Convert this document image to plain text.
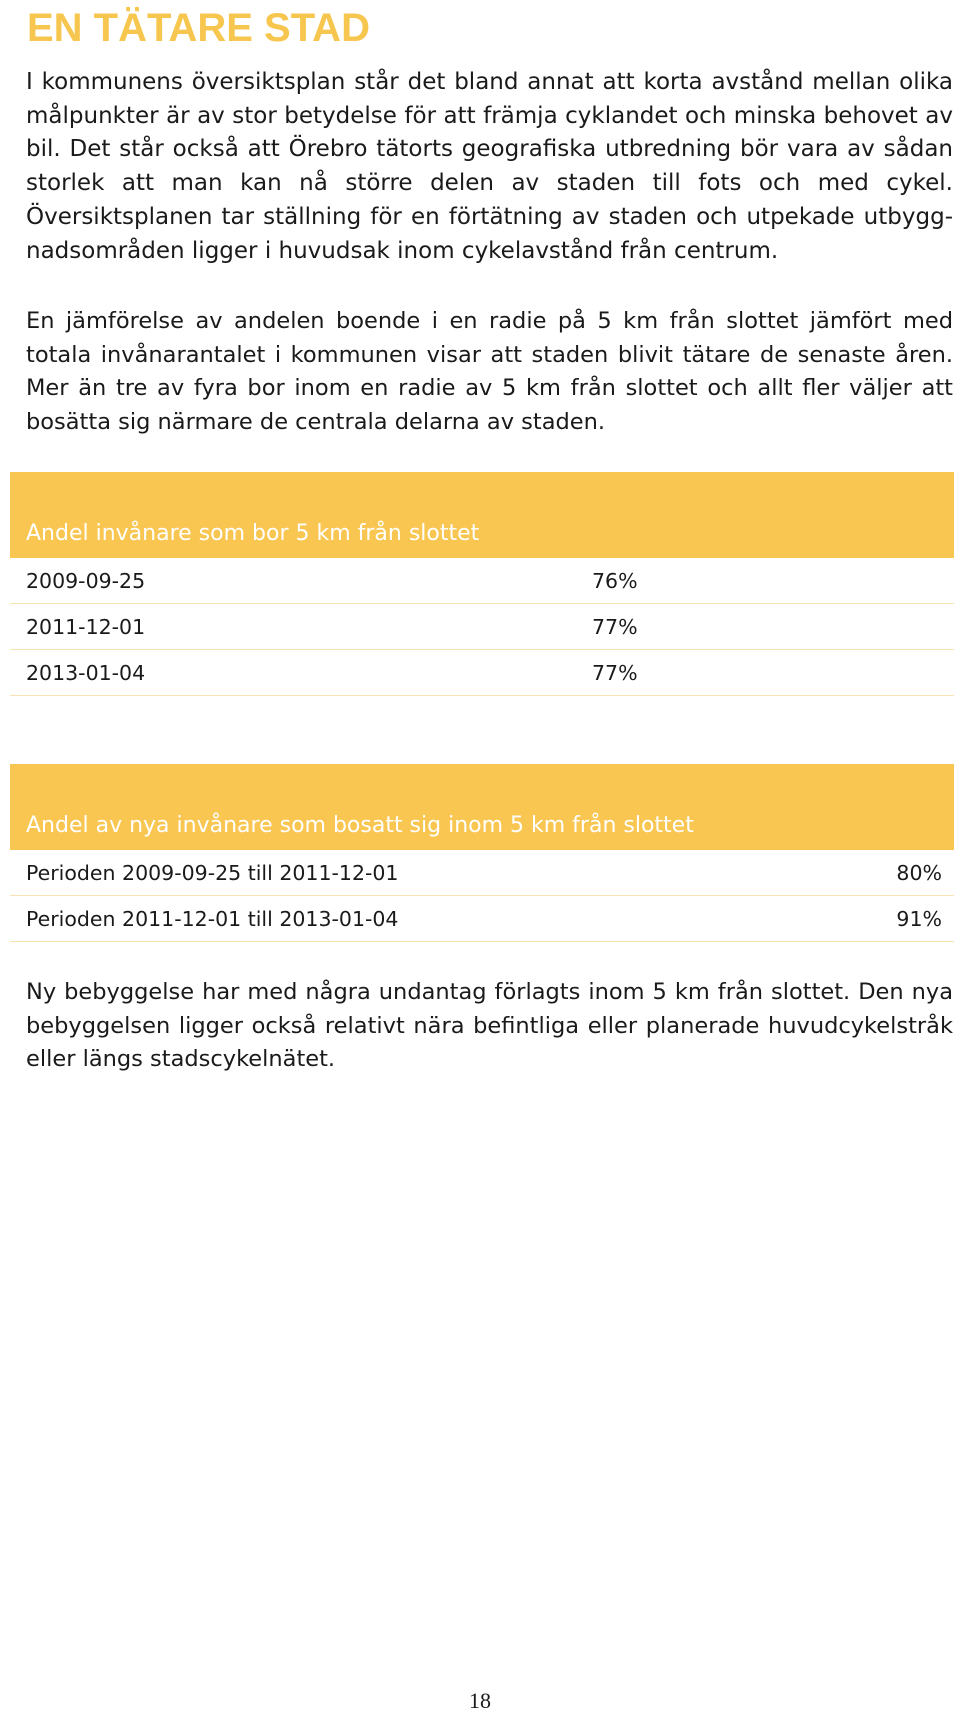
EN TÄTARE STAD

I kommunens översiktsplan står det bland annat att korta avstånd mellan olika målpunkter är av stor betydelse för att främja cyklandet och minska behovet av bil. Det står också att Örebro tätorts geografiska utbredning bör vara av sådan storlek att man kan nå större delen av staden till fots och med cykel. Översiktsplanen tar ställning för en förtätning av staden och utpekade utbyggnadsområden ligger i huvudsak inom cykelavstånd från centrum.

En jämförelse av andelen boende i en radie på 5 km från slottet jämfört med totala invånarantalet i kommunen visar att staden blivit tätare de senaste åren. Mer än tre av fyra bor inom en radie av 5 km från slottet och allt fler väljer att bosätta sig närmare de centrala delarna av staden.

Andel invånare som bor 5 km från slottet
2009-09-25	76%
2011-12-01	77%
2013-01-04	77%
Andel av nya invånare som bosatt sig inom 5 km från slottet
Perioden 2009-09-25 till 2011-12-01	80%
Perioden 2011-12-01 till 2013-01-04	91%

Ny bebyggelse har med några undantag förlagts inom 5 km från slottet. Den nya bebyggelsen ligger också relativt nära befintliga eller planerade huvudcykelstråk eller längs stadscykelnätet.

18
